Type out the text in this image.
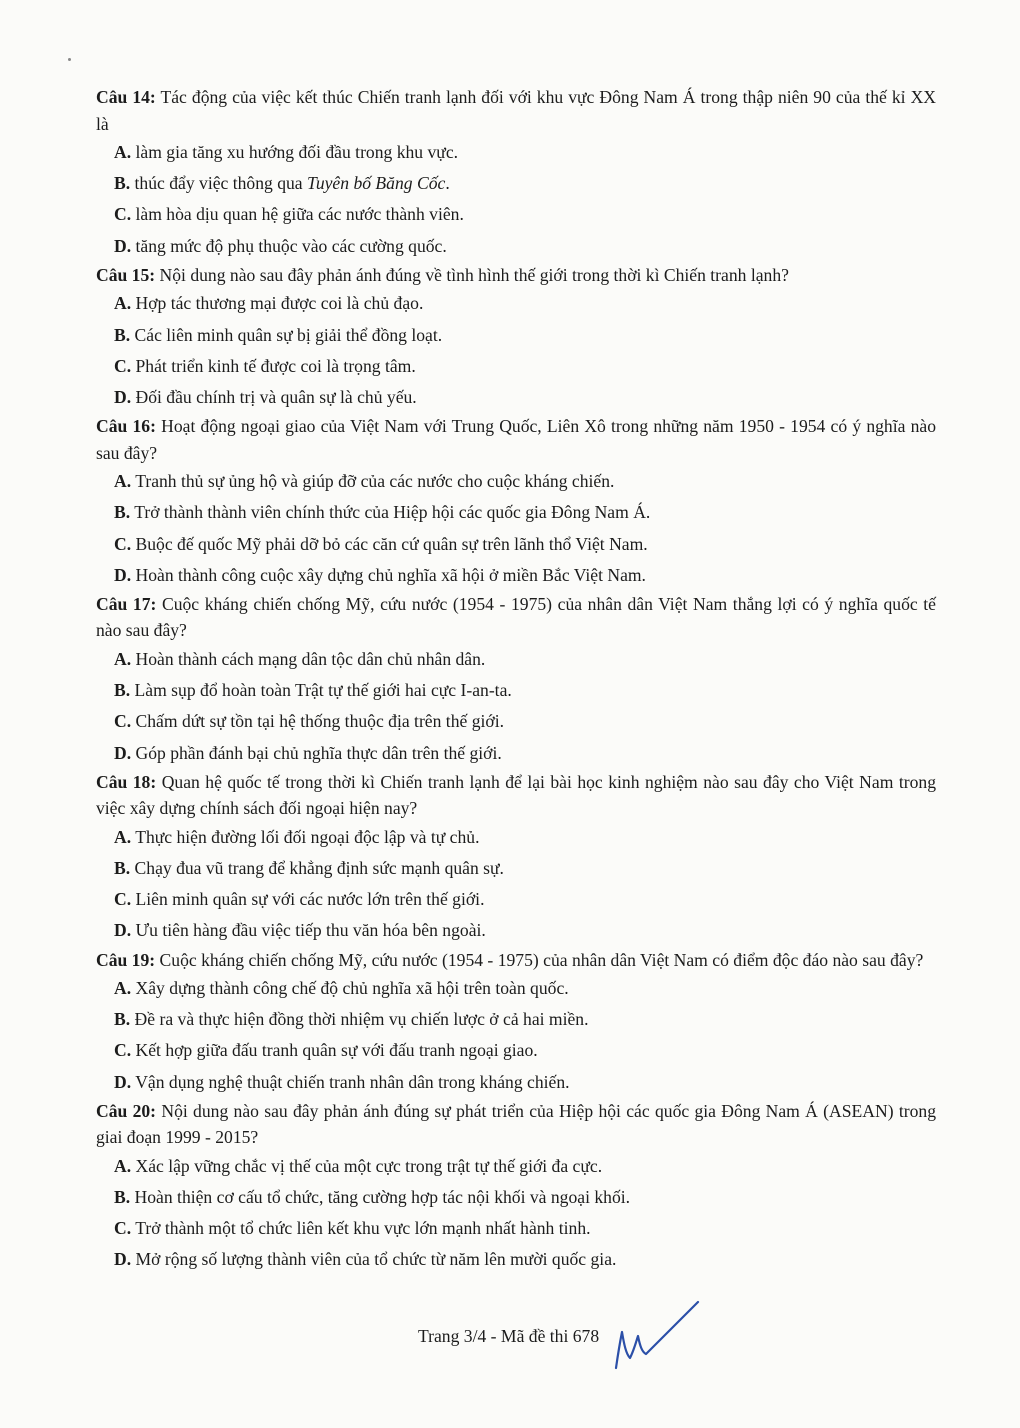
Câu 14: Tác động của việc kết thúc Chiến tranh lạnh đối với khu vực Đông Nam Á trong thập niên 90 của thế kỉ XX là

A. làm gia tăng xu hướng đối đầu trong khu vực.

B. thúc đẩy việc thông qua Tuyên bố Băng Cốc.

C. làm hòa dịu quan hệ giữa các nước thành viên.

D. tăng mức độ phụ thuộc vào các cường quốc.

Câu 15: Nội dung nào sau đây phản ánh đúng về tình hình thế giới trong thời kì Chiến tranh lạnh?

A. Hợp tác thương mại được coi là chủ đạo.

B. Các liên minh quân sự bị giải thể đồng loạt.

C. Phát triển kinh tế được coi là trọng tâm.

D. Đối đầu chính trị và quân sự là chủ yếu.

Câu 16: Hoạt động ngoại giao của Việt Nam với Trung Quốc, Liên Xô trong những năm 1950 - 1954 có ý nghĩa nào sau đây?

A. Tranh thủ sự ủng hộ và giúp đỡ của các nước cho cuộc kháng chiến.

B. Trở thành thành viên chính thức của Hiệp hội các quốc gia Đông Nam Á.

C. Buộc đế quốc Mỹ phải dỡ bỏ các căn cứ quân sự trên lãnh thổ Việt Nam.

D. Hoàn thành công cuộc xây dựng chủ nghĩa xã hội ở miền Bắc Việt Nam.

Câu 17: Cuộc kháng chiến chống Mỹ, cứu nước (1954 - 1975) của nhân dân Việt Nam thắng lợi có ý nghĩa quốc tế nào sau đây?

A. Hoàn thành cách mạng dân tộc dân chủ nhân dân.

B. Làm sụp đổ hoàn toàn Trật tự thế giới hai cực I-an-ta.

C. Chấm dứt sự tồn tại hệ thống thuộc địa trên thế giới.

D. Góp phần đánh bại chủ nghĩa thực dân trên thế giới.

Câu 18: Quan hệ quốc tế trong thời kì Chiến tranh lạnh để lại bài học kinh nghiệm nào sau đây cho Việt Nam trong việc xây dựng chính sách đối ngoại hiện nay?

A. Thực hiện đường lối đối ngoại độc lập và tự chủ.

B. Chạy đua vũ trang để khẳng định sức mạnh quân sự.

C. Liên minh quân sự với các nước lớn trên thế giới.

D. Ưu tiên hàng đầu việc tiếp thu văn hóa bên ngoài.

Câu 19: Cuộc kháng chiến chống Mỹ, cứu nước (1954 - 1975) của nhân dân Việt Nam có điểm độc đáo nào sau đây?

A. Xây dựng thành công chế độ chủ nghĩa xã hội trên toàn quốc.

B. Đề ra và thực hiện đồng thời nhiệm vụ chiến lược ở cả hai miền.

C. Kết hợp giữa đấu tranh quân sự với đấu tranh ngoại giao.

D. Vận dụng nghệ thuật chiến tranh nhân dân trong kháng chiến.

Câu 20: Nội dung nào sau đây phản ánh đúng sự phát triển của Hiệp hội các quốc gia Đông Nam Á (ASEAN) trong giai đoạn 1999 - 2015?

A. Xác lập vững chắc vị thế của một cực trong trật tự thế giới đa cực.

B. Hoàn thiện cơ cấu tổ chức, tăng cường hợp tác nội khối và ngoại khối.

C. Trở thành một tổ chức liên kết khu vực lớn mạnh nhất hành tinh.

D. Mở rộng số lượng thành viên của tổ chức từ năm lên mười quốc gia.

Trang 3/4 - Mã đề thi 678
